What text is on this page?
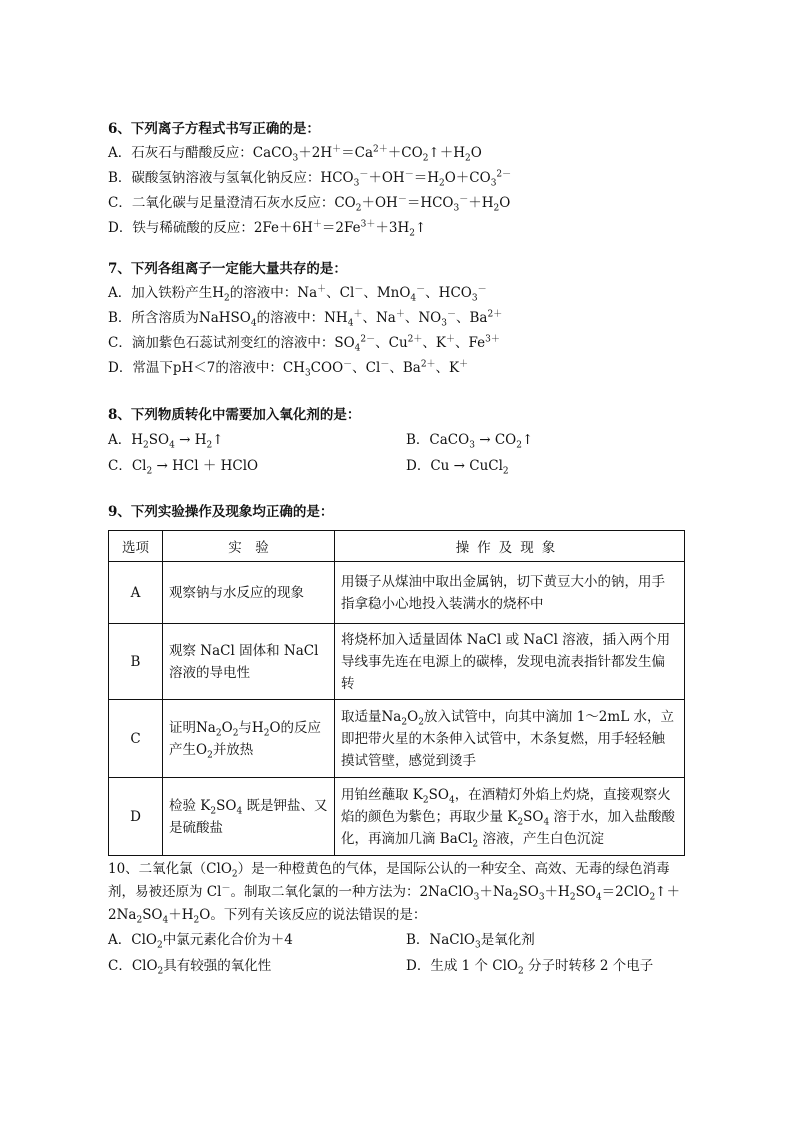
6、下列离子方程式书写正确的是：
A．石灰石与醋酸反应：$CaCO_3+2H^+=Ca^{2+}+CO_2↑+H_2O$
B．碳酸氢钠溶液与氢氧化钠反应：$HCO_3^-+OH^-=H_2O+CO_3^{2-}$
C．二氧化碳与足量澄清石灰水反应：$CO_2+OH^-=HCO_3^-+H_2O$
D．铁与稀硫酸的反应：$2Fe+6H^+=2Fe^{3+}+3H_2↑$
7、下列各组离子一定能大量共存的是：
A．加入铁粉产生$H_2$的溶液中：Na＋、Cl－、MnO$_4$－、$HCO_3^-$
B．所含溶质为NaHSO$_4$的溶液中：$NH_4^+$、Na＋、$NO_3^-$、$Ba^{2+}$
C．滴加紫色石蕊试剂变红的溶液中：$SO_4^{2-}$、$Cu^{2+}$、K＋、$Fe^{3+}$
D．常温下pH＜7的溶液中：$CH_3COO^-$、Cl－、$Ba^{2+}$、K＋
8、下列物质转化中需要加入氧化剂的是：
A．$H_2SO_4$ → $H_2↑$	B．CaCO$_3$ → $CO_2↑$
C．$Cl_2$ → HCl ＋ HClO	D．Cu → CuCl$_2$
9、下列实验操作及现象均正确的是：
选项	实　验	操作及现象
A	观察钠与水反应的现象	用镊子从煤油中取出金属钠，切下黄豆大小的钠，用手指拿稳小心地投入装满水的烧杯中
B	观察 NaCl 固体和 NaCl 溶液的导电性	将烧杯加入适量固体 NaCl 或 NaCl 溶液，插入两个用导线事先连在电源上的碳棒，发现电流表指针都发生偏转
C	证明$Na_2O_2$与$H_2O$的反应产生$O_2$并放热	取适量$Na_2O_2$放入试管中，向其中滴加 1～2mL 水，立即把带火星的木条伸入试管中，木条复燃，用手轻轻触摸试管壁，感觉到烫手
D	检验 $K_2SO_4$ 既是钾盐、又是硫酸盐	用铂丝蘸取 $K_2SO_4$，在酒精灯外焰上灼烧，直接观察火焰的颜色为紫色；再取少量 $K_2SO_4$ 溶于水，加入盐酸酸化，再滴加几滴 BaCl$_2$ 溶液，产生白色沉淀
10、二氧化氯（ClO$_2$）是一种橙黄色的气体，是国际公认的一种安全、高效、无毒的绿色消毒剂，易被还原为 Cl－。制取二氧化氯的一种方法为：$2NaClO_3+Na_2SO_3+H_2SO_4=2ClO_2↑+2Na_2SO_4+H_2O$。下列有关该反应的说法错误的是：
A．ClO$_2$中氯元素化合价为＋4	B．NaClO$_3$是氧化剂
C．ClO$_2$具有较强的氧化性	D．生成 1 个 ClO$_2$ 分子时转移 2 个电子
